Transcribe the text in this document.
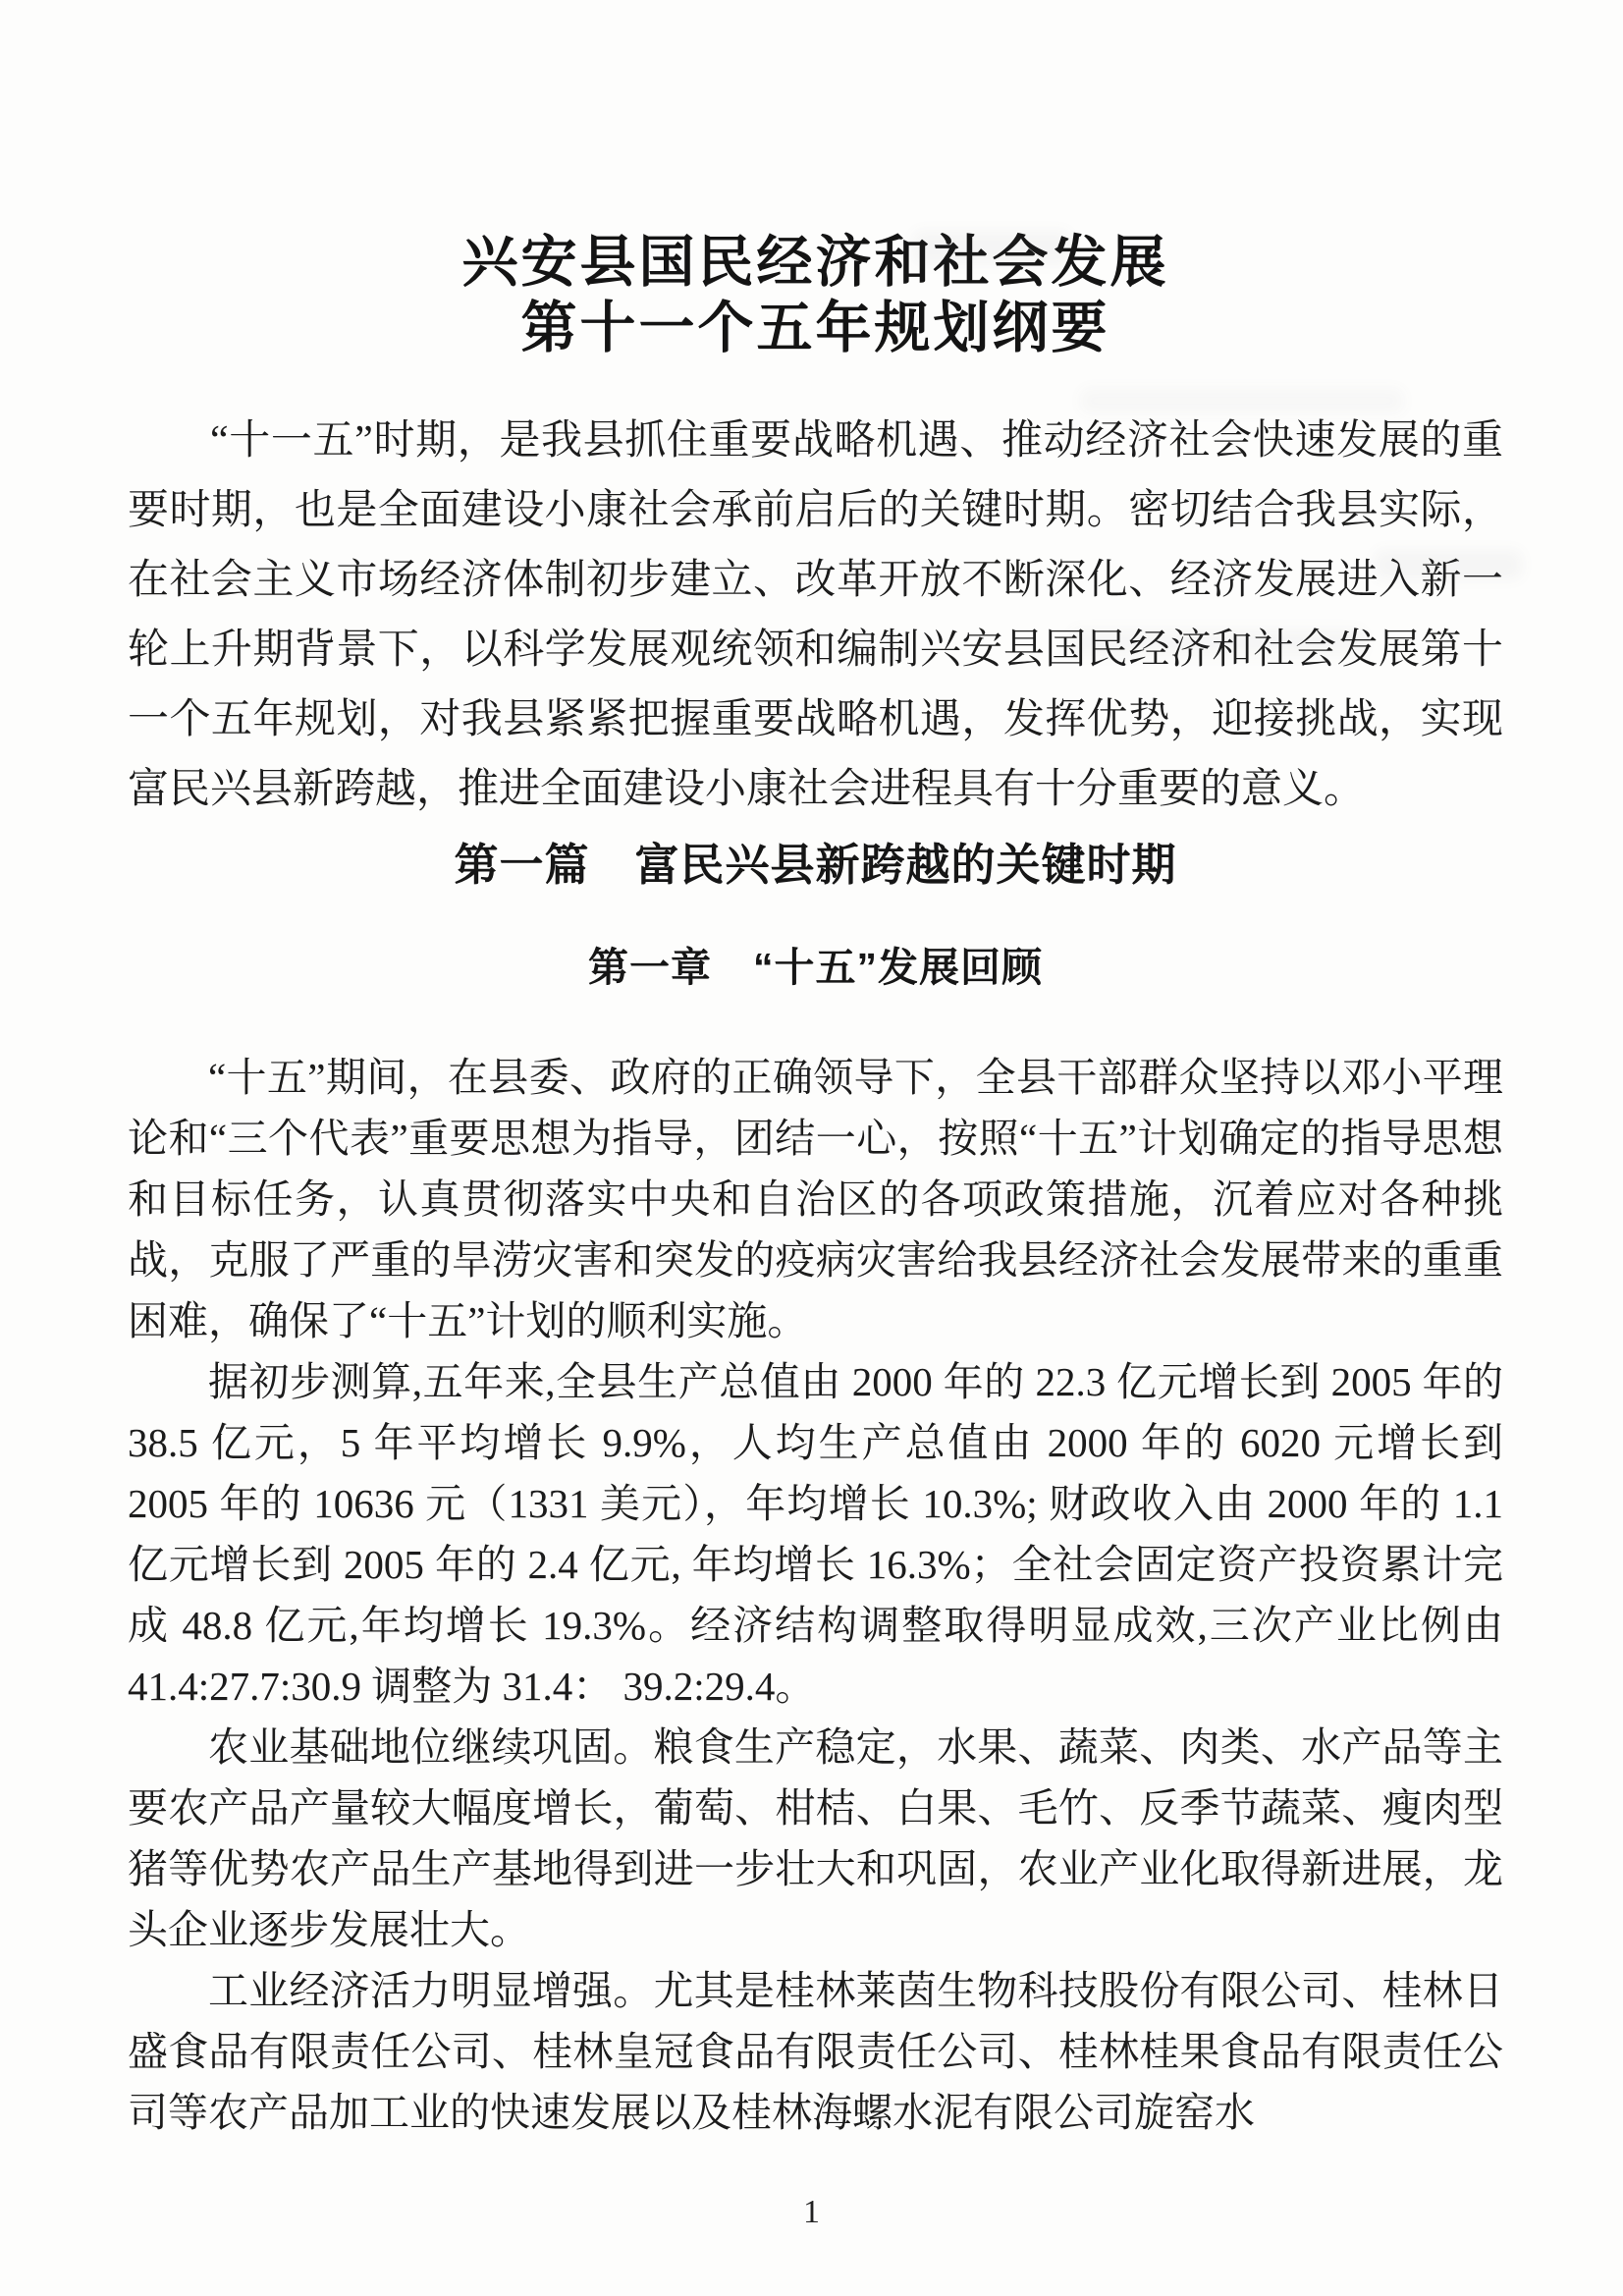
兴安县国民经济和社会发展
第十一个五年规划纲要

“十一五”时期，是我县抓住重要战略机遇、推动经济社会快速发展的重要时期，也是全面建设小康社会承前启后的关键时期。密切结合我县实际，在社会主义市场经济体制初步建立、改革开放不断深化、经济发展进入新一轮上升期背景下，以科学发展观统领和编制兴安县国民经济和社会发展第十一个五年规划，对我县紧紧把握重要战略机遇，发挥优势，迎接挑战，实现富民兴县新跨越，推进全面建设小康社会进程具有十分重要的意义。

第一篇　富民兴县新跨越的关键时期
第一章　“十五”发展回顾

“十五”期间，在县委、政府的正确领导下，全县干部群众坚持以邓小平理论和“三个代表”重要思想为指导，团结一心，按照“十五”计划确定的指导思想和目标任务，认真贯彻落实中央和自治区的各项政策措施，沉着应对各种挑战，克服了严重的旱涝灾害和突发的疫病灾害给我县经济社会发展带来的重重困难，确保了“十五”计划的顺利实施。

据初步测算,五年来,全县生产总值由 2000 年的 22.3 亿元增长到 2005 年的 38.5 亿元，5 年平均增长 9.9%，人均生产总值由 2000 年的 6020 元增长到 2005 年的 10636 元（1331 美元），年均增长 10.3%; 财政收入由 2000 年的 1.1 亿元增长到 2005 年的 2.4 亿元, 年均增长 16.3%；全社会固定资产投资累计完成 48.8 亿元,年均增长 19.3%。经济结构调整取得明显成效,三次产业比例由 41.4:27.7:30.9 调整为 31.4： 39.2:29.4。

农业基础地位继续巩固。粮食生产稳定，水果、蔬菜、肉类、水产品等主要农产品产量较大幅度增长，葡萄、柑桔、白果、毛竹、反季节蔬菜、瘦肉型猪等优势农产品生产基地得到进一步壮大和巩固，农业产业化取得新进展，龙头企业逐步发展壮大。

工业经济活力明显增强。尤其是桂林莱茵生物科技股份有限公司、桂林日盛食品有限责任公司、桂林皇冠食品有限责任公司、桂林桂果食品有限责任公司等农产品加工业的快速发展以及桂林海螺水泥有限公司旋窑水

1
